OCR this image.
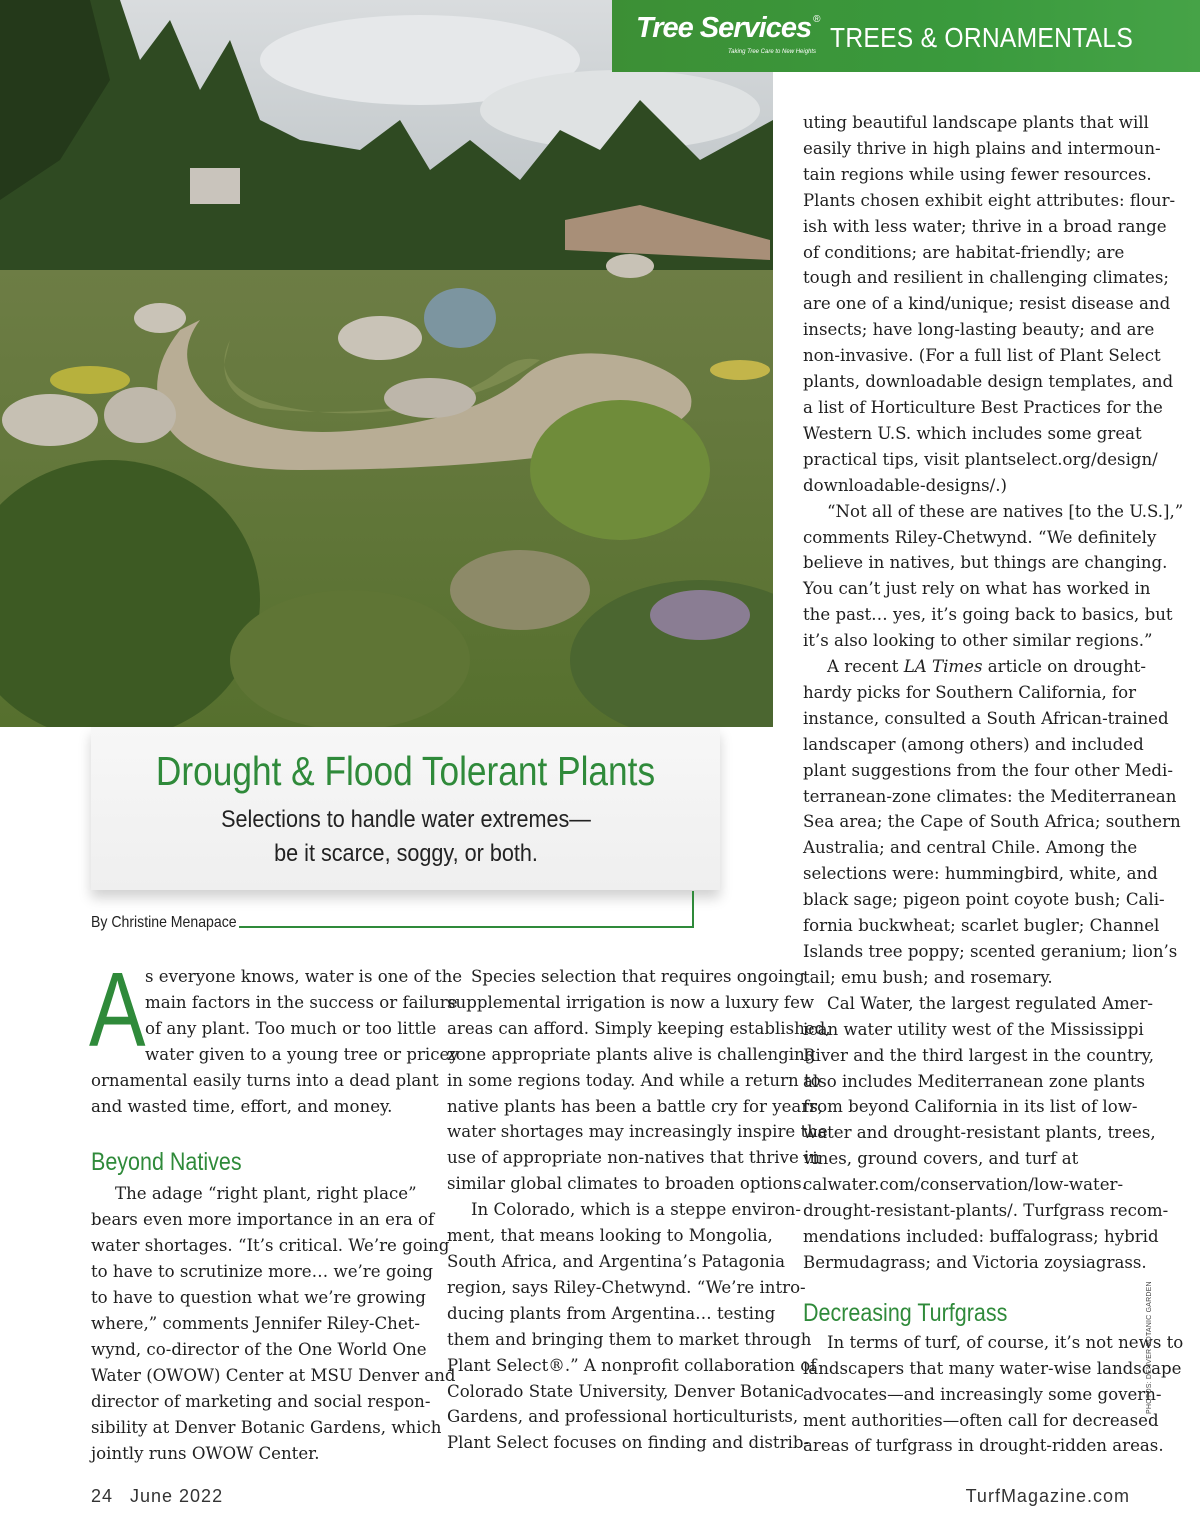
Tree Services ®
Taking Tree Care to New Heights TREES & ORNAMENTALS
Drought & Flood Tolerant Plants
Selections to handle water extremes—
be it scarce, soggy, or both.
By Christine Menapace

A s everyone knows, water is one of the
main factors in the success or failure
of any plant. Too much or too little
water given to a young tree or pricey
ornamental easily turns into a dead plant
and wasted time, effort, and money.

Beyond Natives

The adage “right plant, right place”
bears even more importance in an era of
water shortages. “It’s critical. We’re going
to have to scrutinize more… we’re going
to have to question what we’re growing
where,” comments Jennifer Riley-Chet-
wynd, co-director of the One World One
Water (OWOW) Center at MSU Denver and
director of marketing and social respon-
sibility at Denver Botanic Gardens, which
jointly runs OWOW Center.

Species selection that requires ongoing
supplemental irrigation is now a luxury few
areas can afford. Simply keeping established,
zone appropriate plants alive is challenging
in some regions today. And while a return to
native plants has been a battle cry for years,
water shortages may increasingly inspire the
use of appropriate non-natives that thrive in
similar global climates to broaden options.

In Colorado, which is a steppe environ-
ment, that means looking to Mongolia,
South Africa, and Argentina’s Patagonia
region, says Riley-Chetwynd. “We’re intro-
ducing plants from Argentina… testing
them and bringing them to market through
Plant Select®.” A nonprofit collaboration of
Colorado State University, Denver Botanic
Gardens, and professional horticulturists,
Plant Select focuses on finding and distrib-

uting beautiful landscape plants that will
easily thrive in high plains and intermoun-
tain regions while using fewer resources.
Plants chosen exhibit eight attributes: flour-
ish with less water; thrive in a broad range
of conditions; are habitat-friendly; are
tough and resilient in challenging climates;
are one of a kind/unique; resist disease and
insects; have long-lasting beauty; and are
non-invasive. (For a full list of Plant Select
plants, downloadable design templates, and
a list of Horticulture Best Practices for the
Western U.S. which includes some great
practical tips, visit plantselect.org/design/
downloadable-designs/.)

“Not all of these are natives [to the U.S.],”
comments Riley-Chetwynd. “We definitely
believe in natives, but things are changing.
You can’t just rely on what has worked in
the past… yes, it’s going back to basics, but
it’s also looking to other similar regions.”

A recent LA Times article on drought-
hardy picks for Southern California, for
instance, consulted a South African-trained
landscaper (among others) and included
plant suggestions from the four other Medi-
terranean-zone climates: the Mediterranean
Sea area; the Cape of South Africa; southern
Australia; and central Chile. Among the
selections were: hummingbird, white, and
black sage; pigeon point coyote bush; Cali-
fornia buckwheat; scarlet bugler; Channel
Islands tree poppy; scented geranium; lion’s
tail; emu bush; and rosemary.

Cal Water, the largest regulated Amer-
ican water utility west of the Mississippi
River and the third largest in the country,
also includes Mediterranean zone plants
from beyond California in its list of low-
water and drought-resistant plants, trees,
vines, ground covers, and turf at
calwater.com/conservation/low-water-
drought-resistant-plants/. Turfgrass recom-
mendations included: buffalograss; hybrid
Bermudagrass; and Victoria zoysiagrass.

Decreasing Turfgrass

In terms of turf, of course, it’s not news to
landscapers that many water-wise landscape
advocates—and increasingly some govern-
ment authorities—often call for decreased
areas of turfgrass in drought-ridden areas.

PHOTOS: DENVER BOTANIC GARDEN
24 June 2022	TurfMagazine.com
